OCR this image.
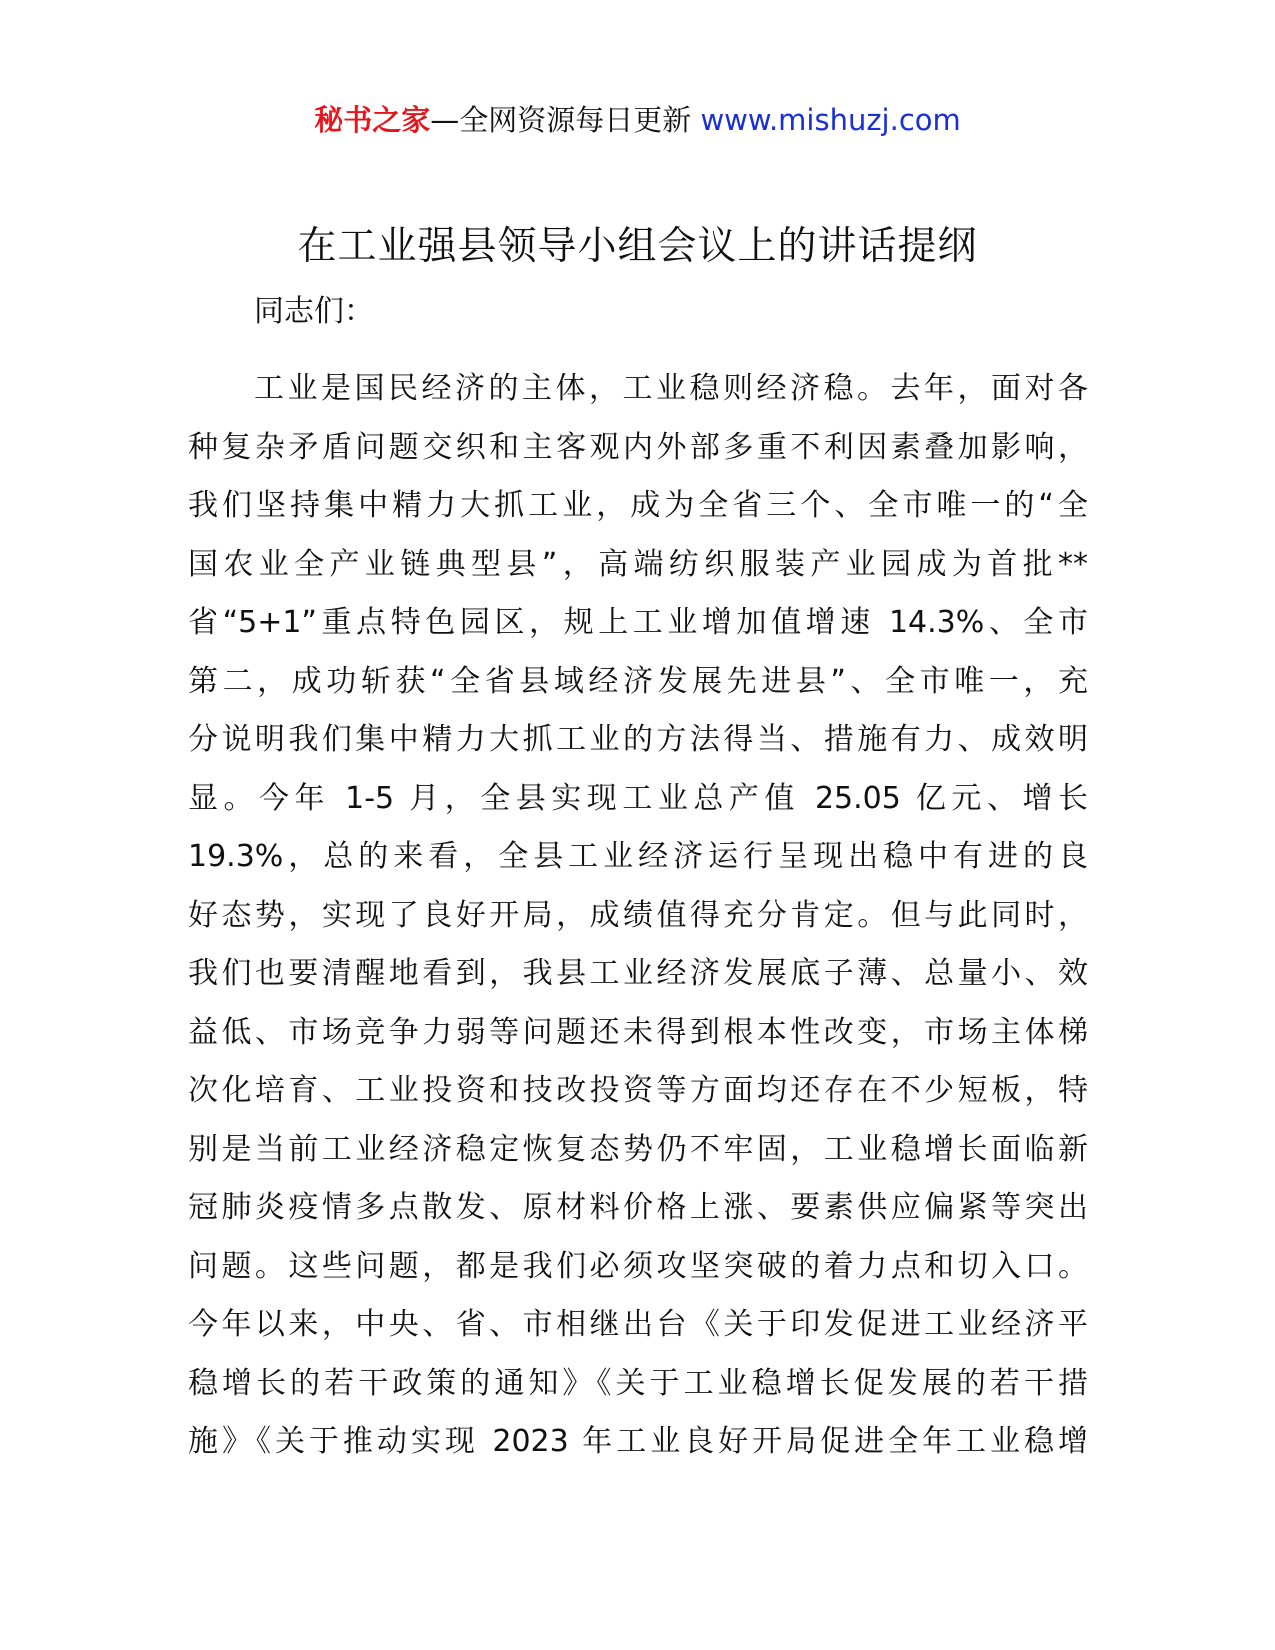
秘书之家—全网资源每日更新 www.mishuzj.com
在工业强县领导小组会议上的讲话提纲
同志们：
工业是国民经济的主体，工业稳则经济稳。去年，面对各
种复杂矛盾问题交织和主客观内外部多重不利因素叠加影响，
我们坚持集中精力大抓工业，成为全省三个、全市唯一的“全
国农业全产业链典型县”，高端纺织服装产业园成为首批**
省“5+1”重点特色园区，规上工业增加值增速 14.3%、全市
第二，成功斩获“全省县域经济发展先进县”、全市唯一，充
分说明我们集中精力大抓工业的方法得当、措施有力、成效明
显。今年 1-5 月，全县实现工业总产值 25.05 亿元、增长
19.3%，总的来看，全县工业经济运行呈现出稳中有进的良
好态势，实现了良好开局，成绩值得充分肯定。但与此同时，
我们也要清醒地看到，我县工业经济发展底子薄、总量小、效
益低、市场竞争力弱等问题还未得到根本性改变，市场主体梯
次化培育、工业投资和技改投资等方面均还存在不少短板，特
别是当前工业经济稳定恢复态势仍不牢固，工业稳增长面临新
冠肺炎疫情多点散发、原材料价格上涨、要素供应偏紧等突出
问题。这些问题，都是我们必须攻坚突破的着力点和切入口。
今年以来，中央、省、市相继出台《关于印发促进工业经济平
稳增长的若干政策的通知》《关于工业稳增长促发展的若干措
施》《关于推动实现 2023 年工业良好开局促进全年工业稳增
